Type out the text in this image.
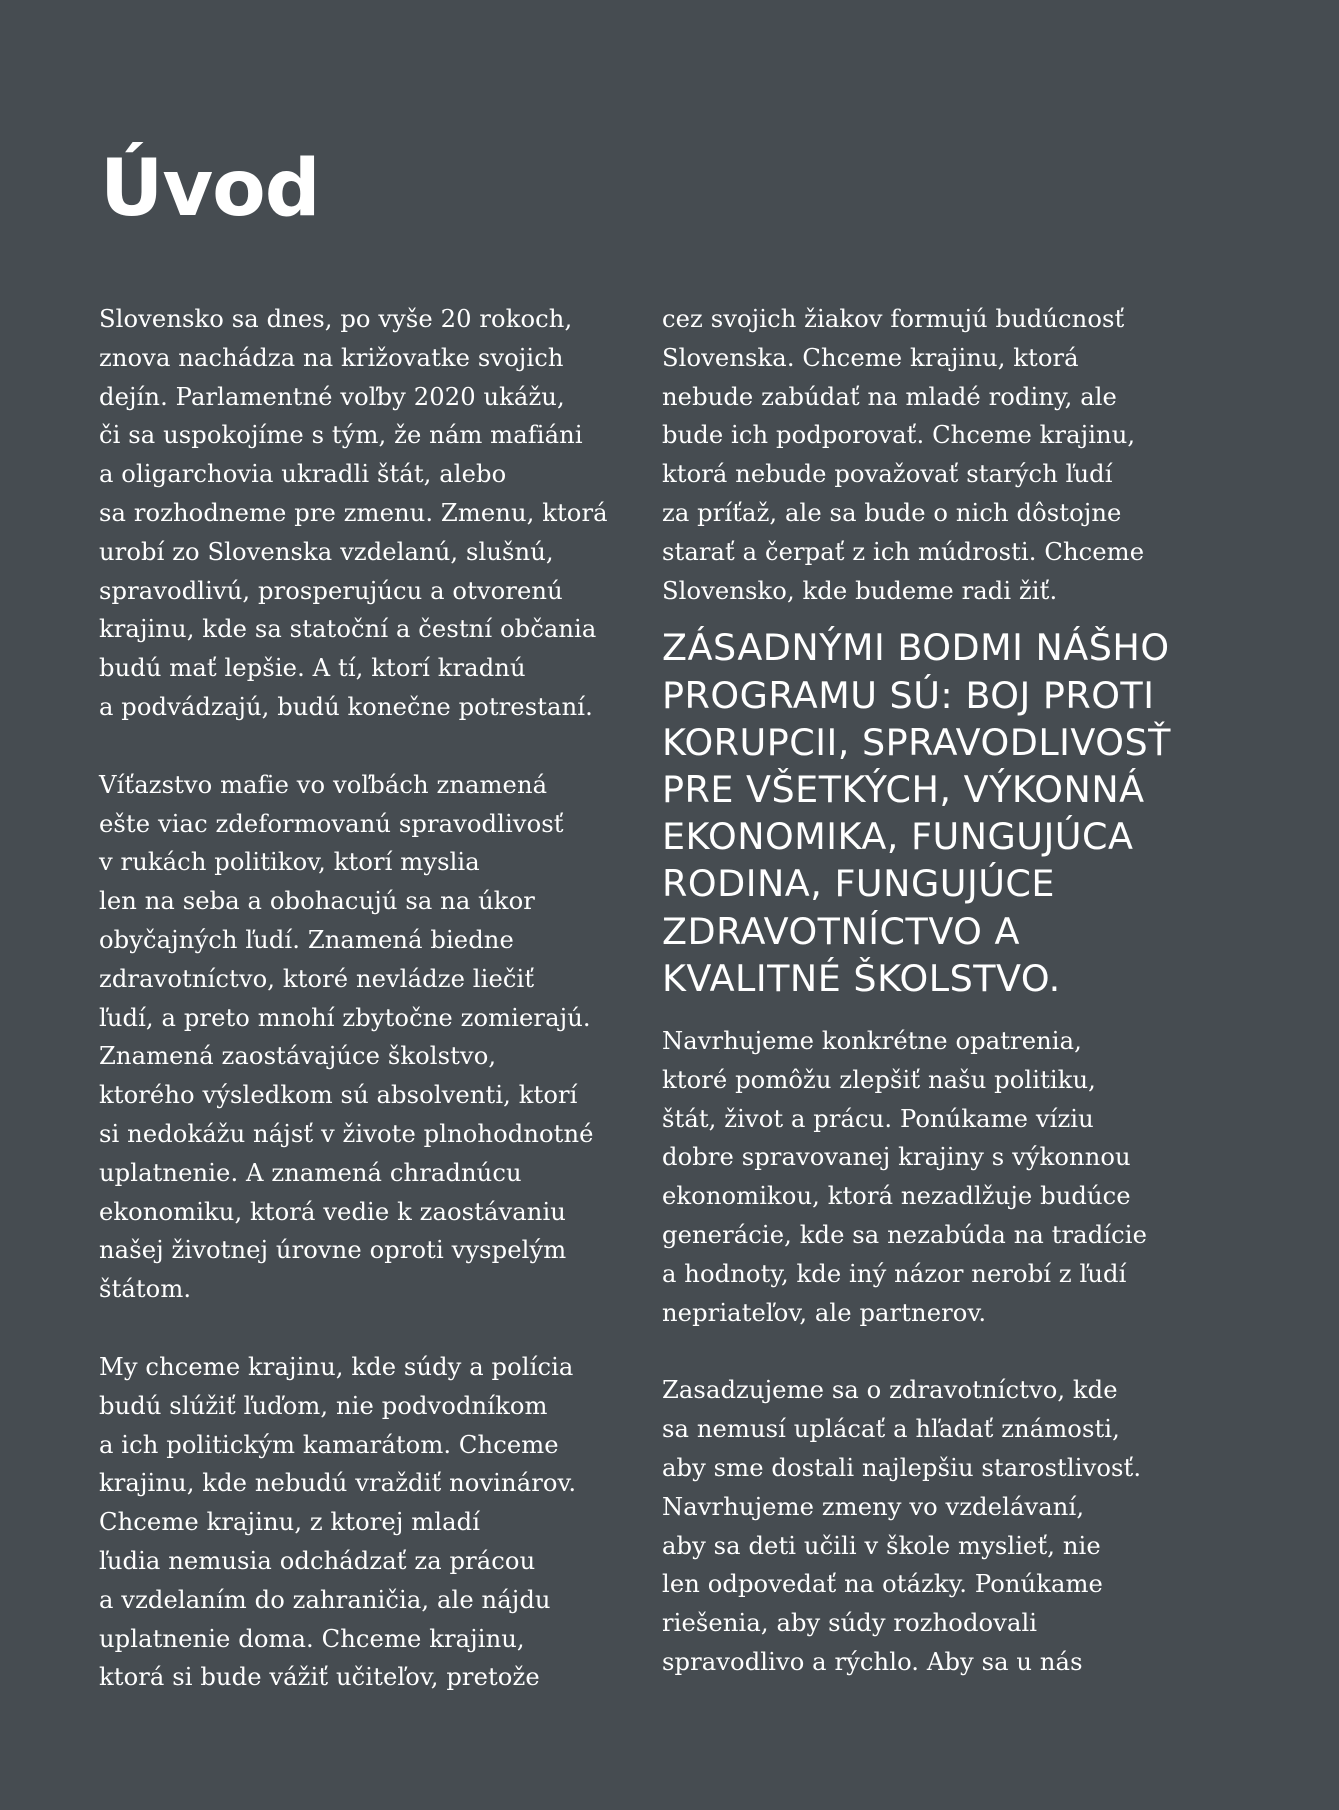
Úvod

Slovensko sa dnes, po vyše 20 rokoch,
znova nachádza na križovatke svojich
dejín. Parlamentné voľby 2020 ukážu,
či sa uspokojíme s tým, že nám mafiáni
a oligarchovia ukradli štát, alebo
sa rozhodneme pre zmenu. Zmenu, ktorá
urobí zo Slovenska vzdelanú, slušnú,
spravodlivú, prosperujúcu a otvorenú
krajinu, kde sa statoční a čestní občania
budú mať lepšie. A tí, ktorí kradnú
a podvádzajú, budú konečne potrestaní.

Víťazstvo mafie vo voľbách znamená
ešte viac zdeformovanú spravodlivosť
v rukách politikov, ktorí myslia
len na seba a obohacujú sa na úkor
obyčajných ľudí. Znamená biedne
zdravotníctvo, ktoré nevládze liečiť
ľudí, a preto mnohí zbytočne zomierajú.
Znamená zaostávajúce školstvo,
ktorého výsledkom sú absolventi, ktorí
si nedokážu nájsť v živote plnohodnotné
uplatnenie. A znamená chradnúcu
ekonomiku, ktorá vedie k zaostávaniu
našej životnej úrovne oproti vyspelým
štátom.

My chceme krajinu, kde súdy a polícia
budú slúžiť ľuďom, nie podvodníkom
a ich politickým kamarátom. Chceme
krajinu, kde nebudú vraždiť novinárov.
Chceme krajinu, z ktorej mladí
ľudia nemusia odchádzať za prácou
a vzdelaním do zahraničia, ale nájdu
uplatnenie doma. Chceme krajinu,
ktorá si bude vážiť učiteľov, pretože

cez svojich žiakov formujú budúcnosť
Slovenska. Chceme krajinu, ktorá
nebude zabúdať na mladé rodiny, ale
bude ich podporovať. Chceme krajinu,
ktorá nebude považovať starých ľudí
za príťaž, ale sa bude o nich dôstojne
starať a čerpať z ich múdrosti. Chceme
Slovensko, kde budeme radi žiť.

ZÁSADNÝMI BODMI NÁŠHO
PROGRAMU SÚ: BOJ PROTI
KORUPCII, SPRAVODLIVOSŤ
PRE VŠETKÝCH, VÝKONNÁ
EKONOMIKA, FUNGUJÚCA
RODINA, FUNGUJÚCE
ZDRAVOTNÍCTVO A
KVALITNÉ ŠKOLSTVO.

Navrhujeme konkrétne opatrenia,
ktoré pomôžu zlepšiť našu politiku,
štát, život a prácu. Ponúkame víziu
dobre spravovanej krajiny s výkonnou
ekonomikou, ktorá nezadlžuje budúce
generácie, kde sa nezabúda na tradície
a hodnoty, kde iný názor nerobí z ľudí
nepriateľov, ale partnerov.

Zasadzujeme sa o zdravotníctvo, kde
sa nemusí uplácať a hľadať známosti,
aby sme dostali najlepšiu starostlivosť.
Navrhujeme zmeny vo vzdelávaní,
aby sa deti učili v škole myslieť, nie
len odpovedať na otázky. Ponúkame
riešenia, aby súdy rozhodovali
spravodlivo a rýchlo. Aby sa u nás
